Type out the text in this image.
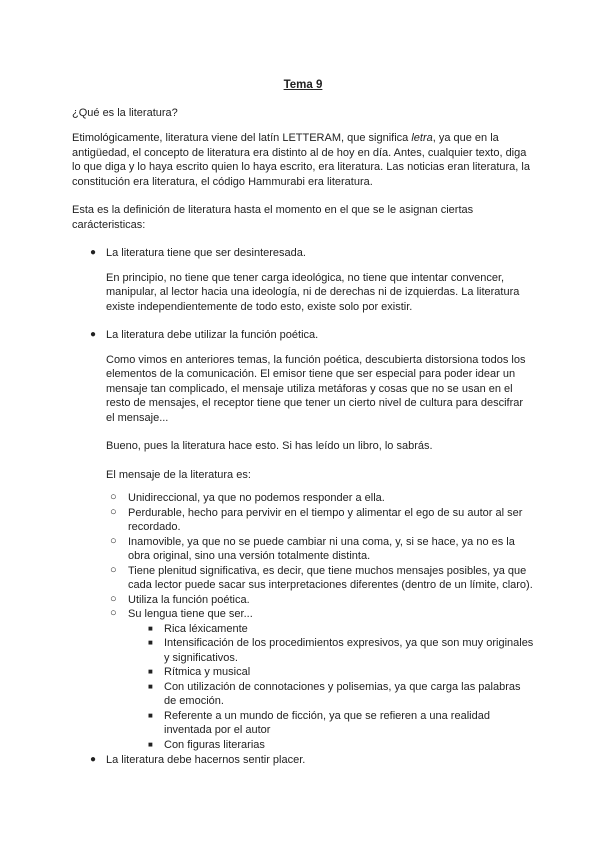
Tema 9

¿Qué es la literatura?

Etimológicamente, literatura viene del latín LETTERAM, que significa letra, ya que en la antigüedad, el concepto de literatura era distinto al de hoy en día. Antes, cualquier texto, diga lo que diga y lo haya escrito quien lo haya escrito, era literatura. Las noticias eran literatura, la constitución era literatura, el código Hammurabi era literatura.

Esta es la definición de literatura hasta el momento en el que se le asignan ciertas carácteristicas:

● La literatura tiene que ser desinteresada.

En principio, no tiene que tener carga ideológica, no tiene que intentar convencer, manipular, al lector hacia una ideología, ni de derechas ni de izquierdas. La literatura existe independientemente de todo esto, existe solo por existir.

● La literatura debe utilizar la función poética.

Como vimos en anteriores temas, la función poética, descubierta distorsiona todos los elementos de la comunicación. El emisor tiene que ser especial para poder idear un mensaje tan complicado, el mensaje utiliza metáforas y cosas que no se usan en el resto de mensajes, el receptor tiene que tener un cierto nivel de cultura para descifrar el mensaje...

Bueno, pues la literatura hace esto. Si has leído un libro, lo sabrás.

El mensaje de la literatura es:

○ Unidireccional, ya que no podemos responder a ella.
○ Perdurable, hecho para pervivir en el tiempo y alimentar el ego de su autor al ser recordado.
○ Inamovible, ya que no se puede cambiar ni una coma, y, si se hace, ya no es la obra original, sino una versión totalmente distinta.
○ Tiene plenitud significativa, es decir, que tiene muchos mensajes posibles, ya que cada lector puede sacar sus interpretaciones diferentes (dentro de un límite, claro).
○ Utiliza la función poética.
○ Su lengua tiene que ser...
■ Rica léxicamente
■ Intensificación de los procedimientos expresivos, ya que son muy originales y significativos.
■ Rítmica y musical
■ Con utilización de connotaciones y polisemias, ya que carga las palabras de emoción.
■ Referente a un mundo de ficción, ya que se refieren a una realidad inventada por el autor
■ Con figuras literarias
● La literatura debe hacernos sentir placer.
